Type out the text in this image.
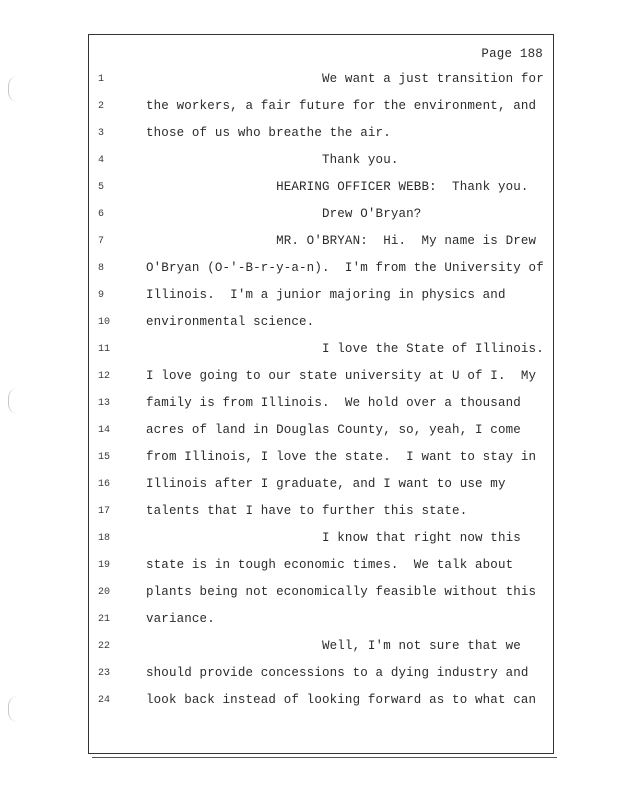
Page 188
1
2
3
4
5
6
7
8
9
10
11
12
13
14
15
16
17
18
19
20
21
22
23
24
We want a just transition for
the workers, a fair future for the environment, and
those of us who breathe the air.
Thank you.
HEARING OFFICER WEBB:  Thank you.
Drew O'Bryan?
MR. O'BRYAN:  Hi.  My name is Drew
O'Bryan (O-'-B-r-y-a-n).  I'm from the University of
Illinois.  I'm a junior majoring in physics and
environmental science.
I love the State of Illinois.
I love going to our state university at U of I.  My
family is from Illinois.  We hold over a thousand
acres of land in Douglas County, so, yeah, I come
from Illinois, I love the state.  I want to stay in
Illinois after I graduate, and I want to use my
talents that I have to further this state.
I know that right now this
state is in tough economic times.  We talk about
plants being not economically feasible without this
variance.
Well, I'm not sure that we
should provide concessions to a dying industry and
look back instead of looking forward as to what can
